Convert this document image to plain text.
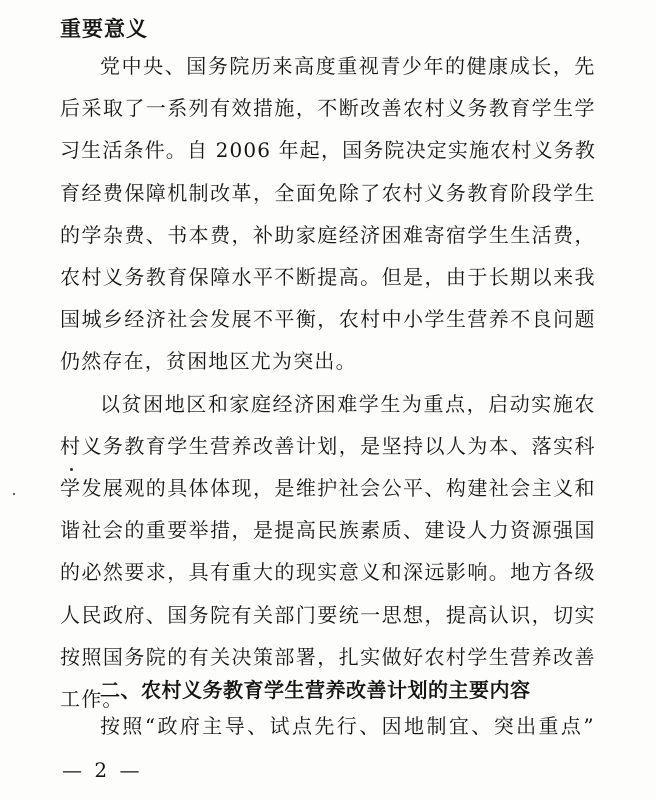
重要意义
党中央、国务院历来高度重视青少年的健康成长，先
后采取了一系列有效措施，不断改善农村义务教育学生学
习生活条件。自 2006 年起，国务院决定实施农村义务教
育经费保障机制改革，全面免除了农村义务教育阶段学生
的学杂费、书本费，补助家庭经济困难寄宿学生生活费，
农村义务教育保障水平不断提高。但是，由于长期以来我
国城乡经济社会发展不平衡，农村中小学生营养不良问题
仍然存在，贫困地区尤为突出。
以贫困地区和家庭经济困难学生为重点，启动实施农
村义务教育学生营养改善计划，是坚持以人为本、落实科
学发展观的具体体现，是维护社会公平、构建社会主义和
谐社会的重要举措，是提高民族素质、建设人力资源强国
的必然要求，具有重大的现实意义和深远影响。地方各级
人民政府、国务院有关部门要统一思想，提高认识，切实
按照国务院的有关决策部署，扎实做好农村学生营养改善
二、农村义务教育学生营养改善计划的主要内容
按照“政府主导、试点先行、因地制宜、突出重点”
— 2 —
工作。
